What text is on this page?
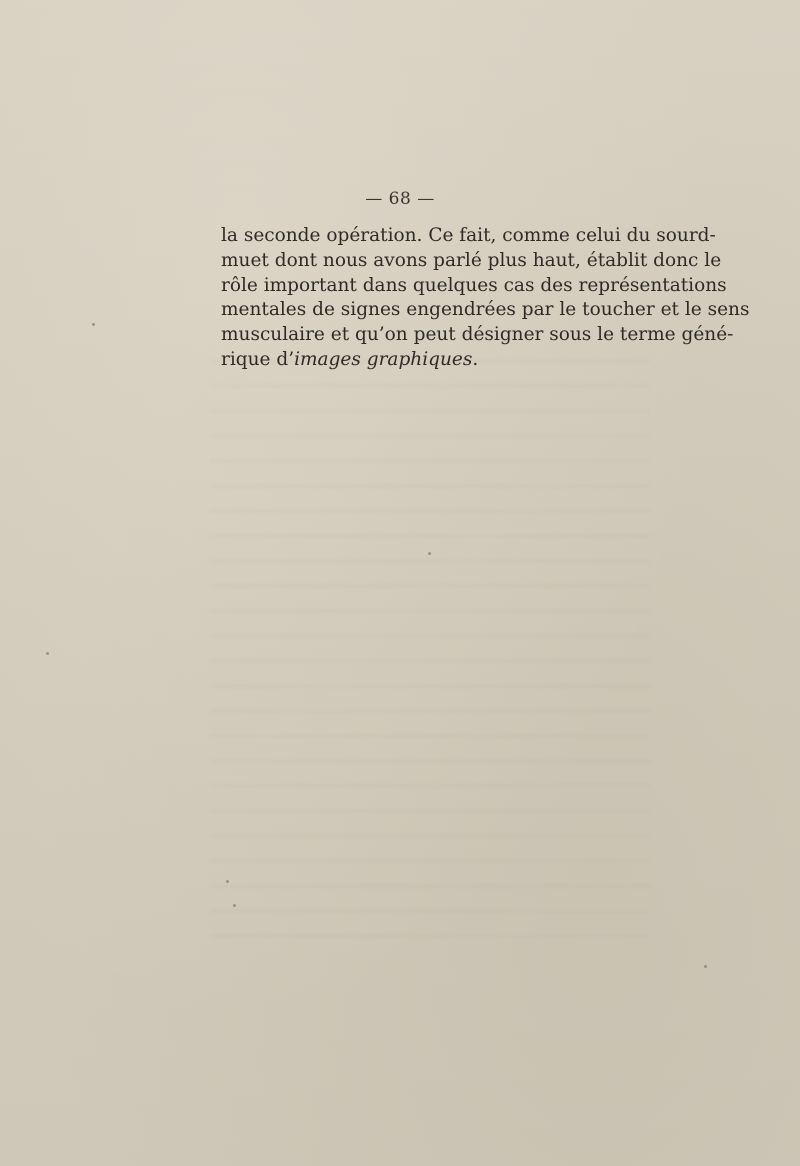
— 68 —
la seconde opération. Ce fait, comme celui du sourd-
muet dont nous avons parlé plus haut, établit donc le
rôle important dans quelques cas des représentations
mentales de signes engendrées par le toucher et le sens
musculaire et qu’on peut désigner sous le terme géné-
rique d’images graphiques.
